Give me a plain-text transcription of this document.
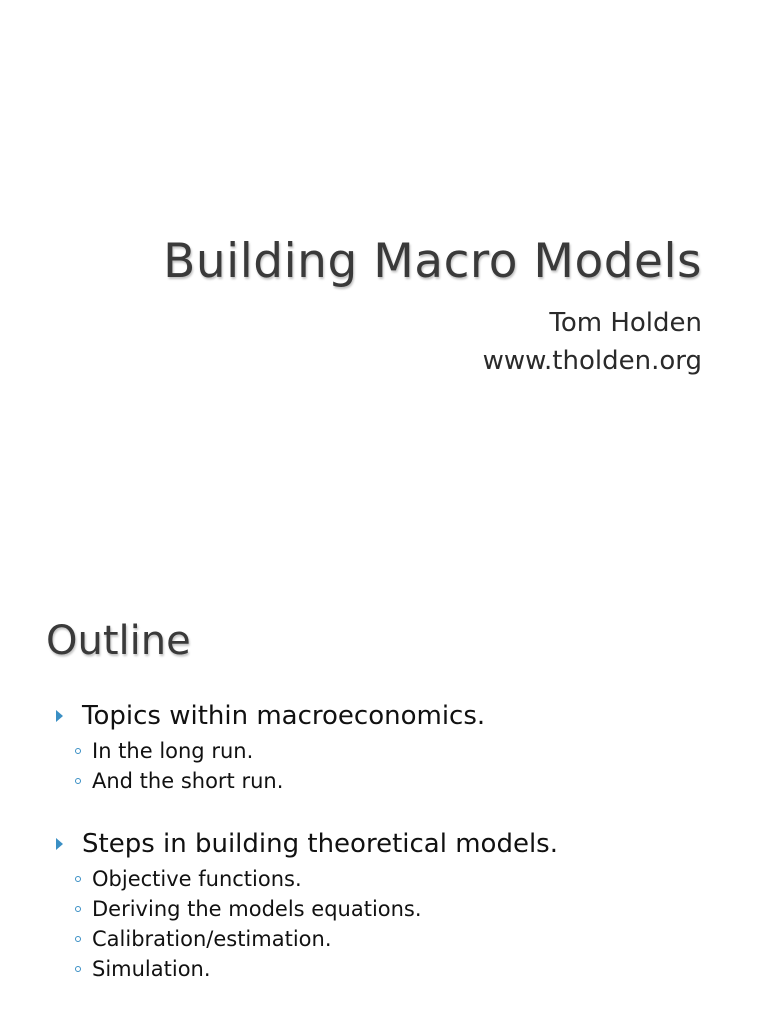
Building Macro Models
Tom Holden
www.tholden.org
Outline
Topics within macroeconomics.
In the long run.
And the short run.
Steps in building theoretical models.
Objective functions.
Deriving the models equations.
Calibration/estimation.
Simulation.
